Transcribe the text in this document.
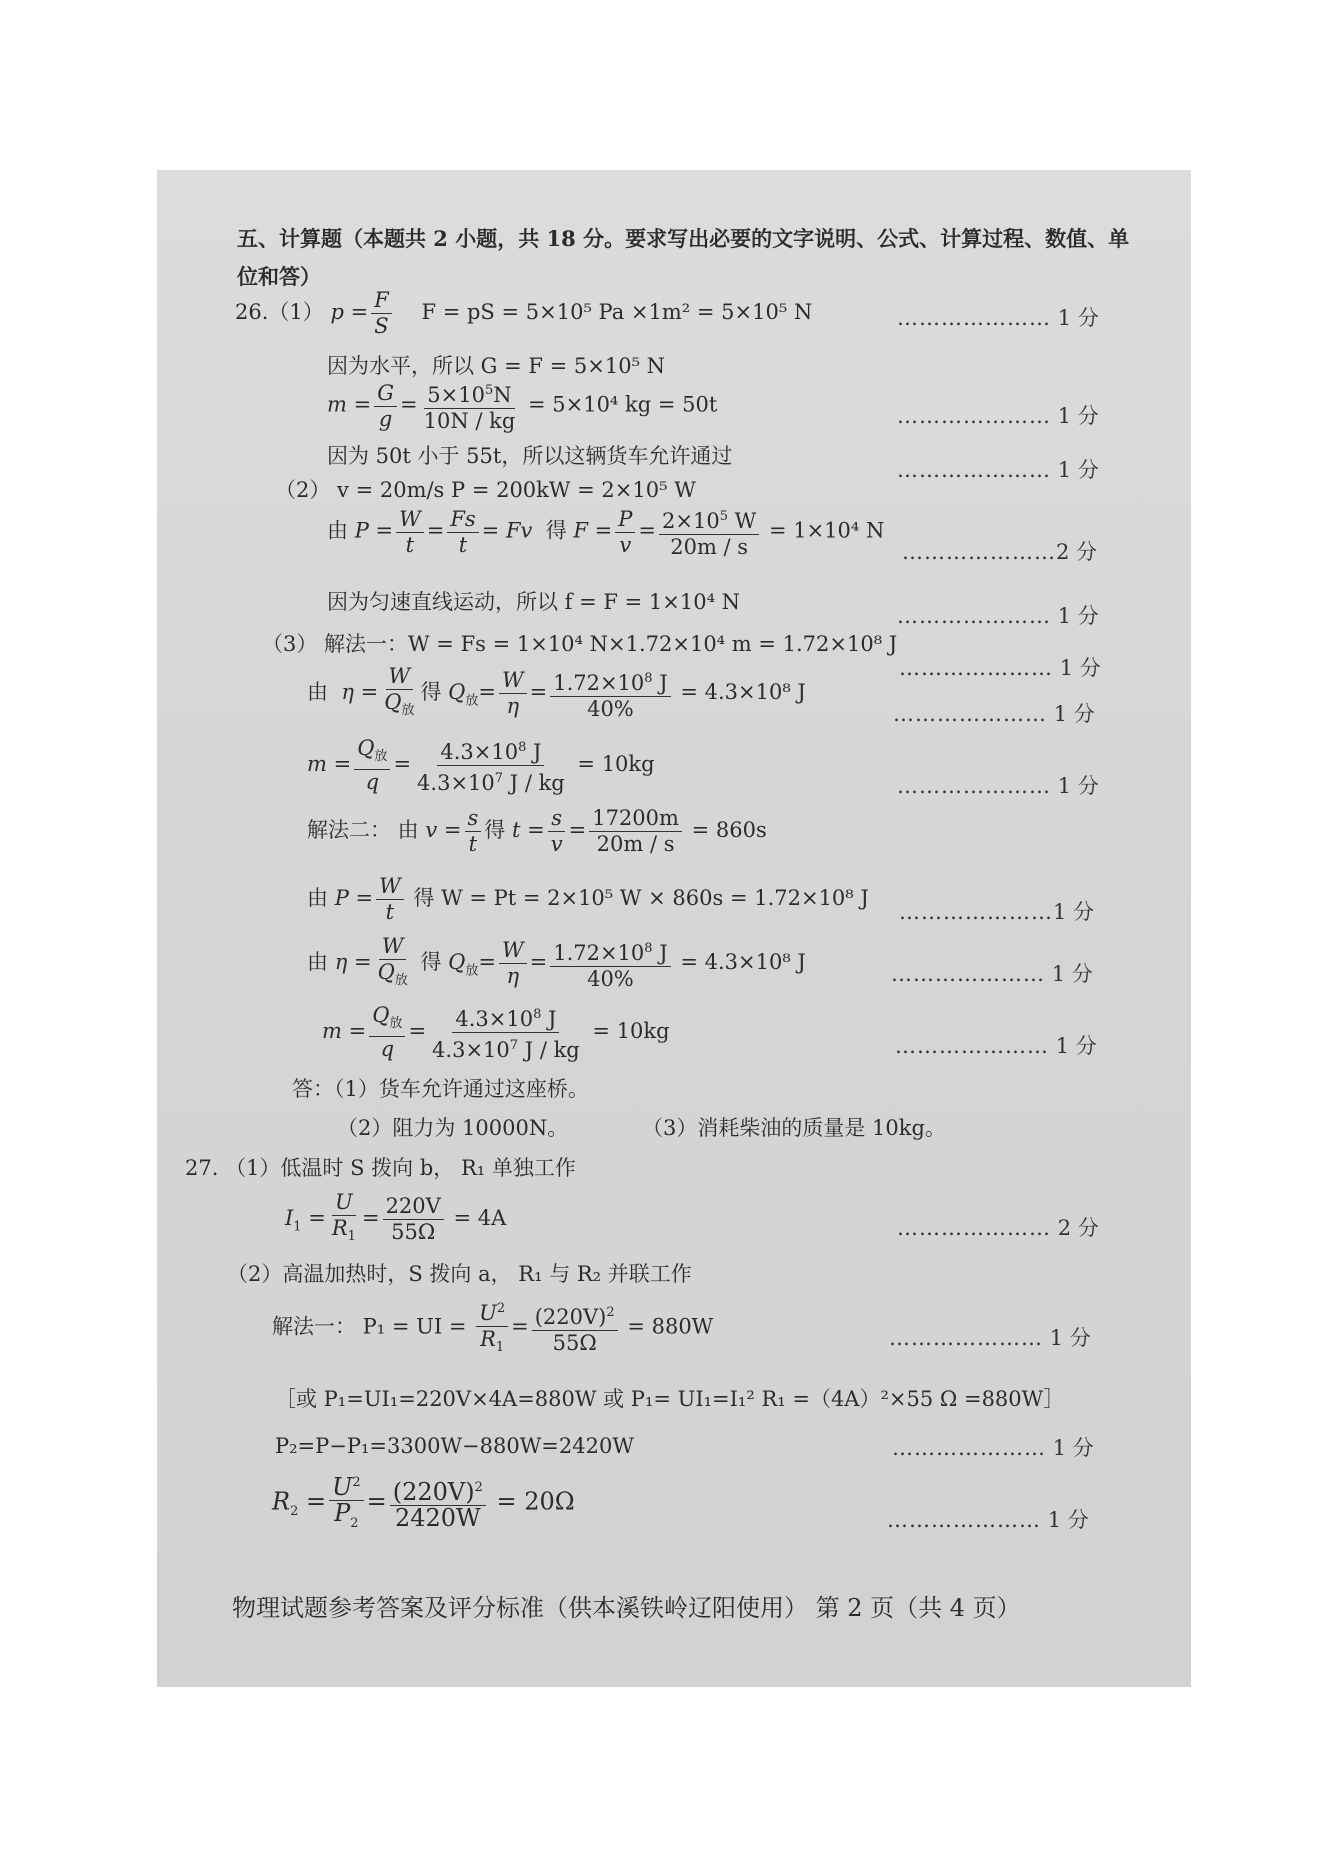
五、计算题（本题共 2 小题，共 18 分。要求写出必要的文字说明、公式、计算过程、数值、单位和答）
26.（1） $p = \frac{F}{S}$ F = pS = 5×10⁵ Pa ×1m² = 5×10⁵ N
因为水平，所以 G = F = 5×10⁵ N
$m = \frac{G}{g} = \frac{5\times 10^5N}{10N / kg} = 5\times 10^4$ kg = 50t
因为 50t 小于 55t，所以这辆货车允许通过
（2） v = 20m/s P = 200kW = 2×10⁵ W
由 $P = \frac{W}{t} = \frac{Fs}{t} = Fv$  得 $F = \frac{P}{v} = \frac{2\times 10^5 W}{20m / s} = 1\times 10^4$ N
因为匀速直线运动，所以 f = F = 1×10⁴ N
（3） 解法一：W = Fs = 1×10⁴ N×1.72×10⁴ m = 1.72×10⁸ J
由  $\eta = \frac{W}{Q_放}$ 得 $Q_放= \frac{W}{\eta} = \frac{1.72\times 10^8 J}{40\%} = 4.3\times 10^8$ J
$m = \frac{Q_放}{q} = \frac{4.3\times 10^8 J}{4.3\times 10^7 J / kg} = 10kg$
解法二： 由 $v = \frac{s}{t}$ 得 $t = \frac{s}{v} = \frac{17200m}{20m / s} = 860s$
由 $P = \frac{W}{t}$ 得 W = Pt = 2×10⁵ W × 860s = 1.72×10⁸ J
由 $\eta = \frac{W}{Q_放}$ 得 $Q_放= \frac{W}{\eta} = \frac{1.72\times 10^8 J}{40\%} = 4.3\times 10^8$ J
$m = \frac{Q_放}{q} = \frac{4.3\times 10^8 J}{4.3\times 10^7 J / kg} = 10kg$
答：（1）货车允许通过这座桥。
（2）阻力为 10000N。	（3）消耗柴油的质量是 10kg。
27. （1）低温时 S 拨向 b， R₁ 单独工作
$I_1 = \frac{U}{R_1} = \frac{220V}{55\Omega} = 4A$
（2）高温加热时，S 拨向 a， R₁ 与 R₂ 并联工作
解法一： P₁ = UI = $\frac{U^2}{R_1} = \frac{(220V)^2}{55\Omega} = 880W$
［或 P₁=UI₁=220V×4A=880W 或 P₁= UI₁=I₁² R₁ =（4A）²×55 Ω =880W］
P₂=P−P₁=3300W−880W=2420W
$R_2 = \frac{U^2}{P_2} = \frac{(220V)^2}{2420W} = 20\Omega$
………………… 1 分
………………… 1 分
………………… 1 分
…………………2 分
………………… 1 分
………………… 1 分
………………… 1 分
………………… 1 分
…………………1 分
………………… 1 分
………………… 1 分
………………… 2 分
………………… 1 分
………………… 1 分
………………… 1 分
物理试题参考答案及评分标准（供本溪铁岭辽阳使用） 第 2 页（共 4 页）
